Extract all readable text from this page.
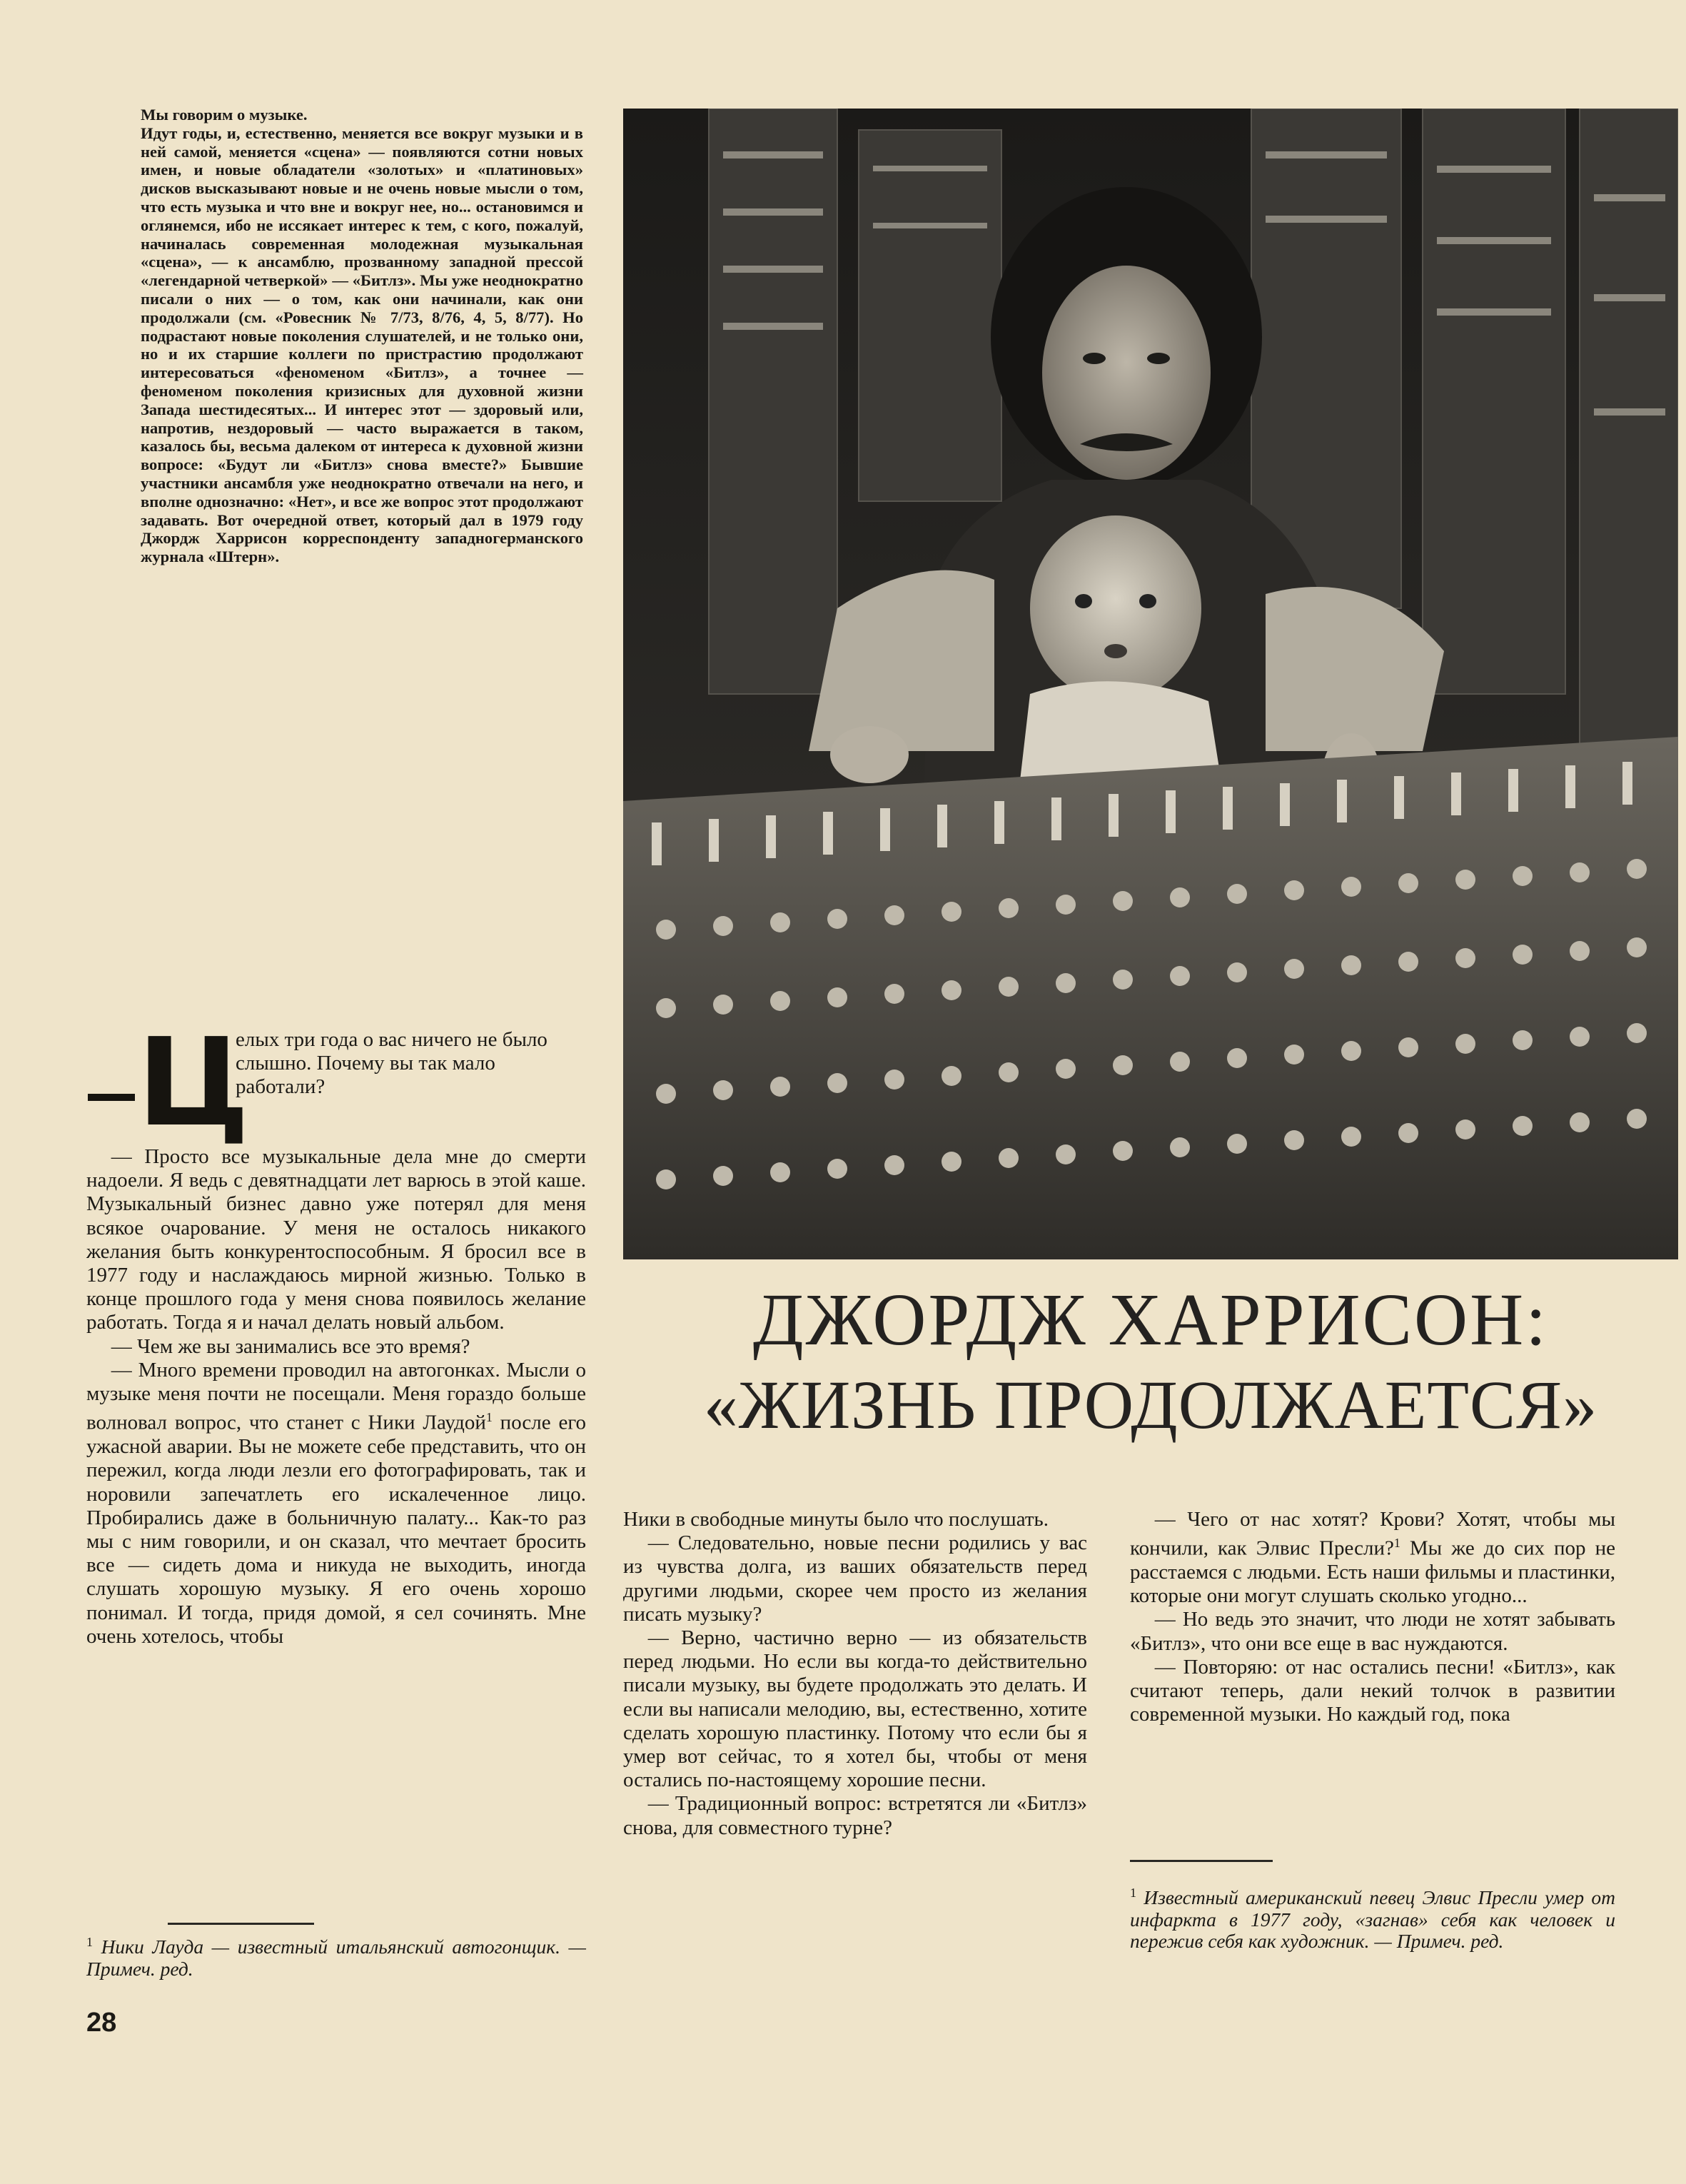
Мы говорим о музыке.

Идут годы, и, естественно, меняется все вокруг музыки и в ней самой, меняется «сцена» — появляются сотни новых имен, и новые обладатели «золотых» и «платиновых» дисков высказывают новые и не очень новые мысли о том, что есть музыка и что вне и вокруг нее, но... остановимся и оглянемся, ибо не иссякает интерес к тем, с кого, пожалуй, начиналась современная молодежная музыкальная «сцена», — к ансамблю, прозванному западной прессой «легендарной четверкой» — «Битлз». Мы уже неоднократно писали о них — о том, как они начинали, как они продолжали (см. «Ровесник № 7/73, 8/76, 4, 5, 8/77). Но подрастают новые поколения слушателей, и не только они, но и их старшие коллеги по пристрастию продолжают интересоваться «феноменом «Битлз», а точнее — феноменом поколения кризисных для духовной жизни Запада шестидесятых... И интерес этот — здоровый или, напротив, нездоровый — часто выражается в таком, казалось бы, весьма далеком от интереса к духовной жизни вопросе: «Будут ли «Битлз» снова вместе?» Бывшие участники ансамбля уже неоднократно отвечали на него, и вполне однозначно: «Нет», и все же вопрос этот продолжают задавать. Вот очередной ответ, который дал в 1979 году Джордж Харрисон корреспонденту западногерманского журнала «Штерн».

ДЖОРДЖ ХАРРИСОН:
«ЖИЗНЬ ПРОДОЛЖАЕТСЯ»
Ц
елых три года о вас ничего не было слышно. Почему вы так мало работали?

— Просто все музыкальные дела мне до смерти надоели. Я ведь с девятнадцати лет варюсь в этой каше. Музыкальный бизнес давно уже потерял для меня всякое очарование. У меня не осталось никакого желания быть конкурентоспособным. Я бросил все в 1977 году и наслаждаюсь мирной жизнью. Только в конце прошлого года у меня снова появилось желание работать. Тогда я и начал делать новый альбом.

— Чем же вы занимались все это время?

— Много времени проводил на автогонках. Мысли о музыке меня почти не посещали. Меня гораздо больше волновал вопрос, что станет с Ники Лаудой$^1$ после его ужасной аварии. Вы не можете себе представить, что он пережил, когда люди лезли его фотографировать, так и норовили запечатлеть его искалеченное лицо. Пробирались даже в больничную палату... Как-то раз мы с ним говорили, и он сказал, что мечтает бросить все — сидеть дома и никуда не выходить, иногда слушать хорошую музыку. Я его очень хорошо понимал. И тогда, придя домой, я сел сочинять. Мне очень хотелось, чтобы

$^1$ Ники Лауда — известный итальянский автогонщик. — Примеч. ред.

Ники в свободные минуты было что послушать.

— Следовательно, новые песни родились у вас из чувства долга, из ваших обязательств перед другими людьми, скорее чем просто из желания писать музыку?

— Верно, частично верно — из обязательств перед людьми. Но если вы когда-то действительно писали музыку, вы будете продолжать это делать. И если вы написали мелодию, вы, естественно, хотите сделать хорошую пластинку. Потому что если бы я умер вот сейчас, то я хотел бы, чтобы от меня остались по-настоящему хорошие песни.

— Традиционный вопрос: встретятся ли «Битлз» снова, для совместного турне?

— Чего от нас хотят? Крови? Хотят, чтобы мы кончили, как Элвис Пресли?$^1$ Мы же до сих пор не расстаемся с людьми. Есть наши фильмы и пластинки, которые они могут слушать сколько угодно...

— Но ведь это значит, что люди не хотят забывать «Битлз», что они все еще в вас нуждаются.

— Повторяю: от нас остались песни! «Битлз», как считают теперь, дали некий толчок в развитии современной музыки. Но каждый год, пока

$^1$ Известный американский певец Элвис Пресли умер от инфаркта в 1977 году, «загнав» себя как человек и пережив себя как художник. — Примеч. ред.
28
